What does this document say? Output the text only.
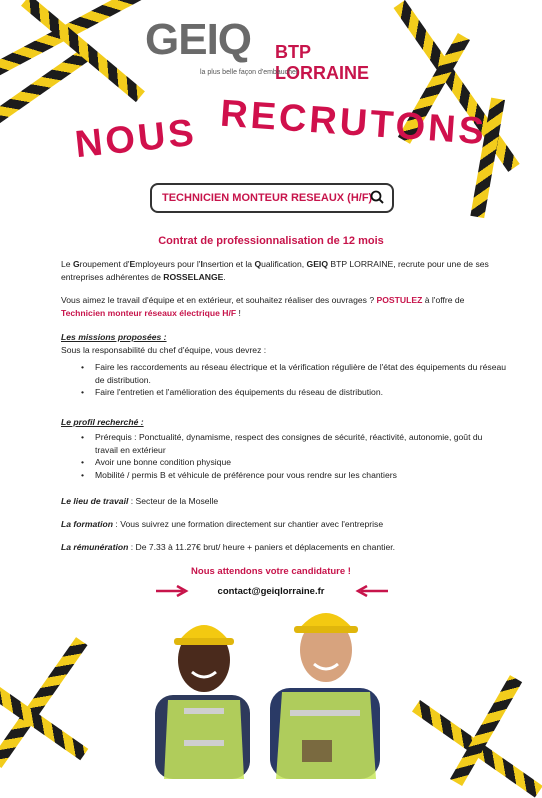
GEIQ BTP LORRAINE
la plus belle façon d'embaucher
NOUS RECRUTONS
TECHNICIEN MONTEUR RESEAUX (H/F)
Contrat de professionnalisation de 12 mois
Le Groupement d'Employeurs pour l'Insertion et la Qualification, GEIQ BTP LORRAINE, recrute pour une de ses entreprises adhérentes de ROSSELANGE.
Vous aimez le travail d'équipe et en extérieur, et souhaitez réaliser des ouvrages ? POSTULEZ à l'offre de Technicien monteur réseaux électrique H/F !
Les missions proposées :
Sous la responsabilité du chef d'équipe, vous devrez :
• Faire les raccordements au réseau électrique et la vérification régulière de l'état des équipements du réseau de distribution.
• Faire l'entretien et l'amélioration des équipements du réseau de distribution.
Le profil recherché :
• Prérequis : Ponctualité, dynamisme, respect des consignes de sécurité, réactivité, autonomie, goût du travail en extérieur
• Avoir une bonne condition physique
• Mobilité / permis B et véhicule de préférence pour vous rendre sur les chantiers
Le lieu de travail : Secteur de la Moselle
La formation : Vous suivrez une formation directement sur chantier avec l'entreprise
La rémunération : De 7.33 à 11.27€ brut/ heure + paniers et déplacements en chantier.
Nous attendons votre candidature !
contact@geiqlorraine.fr
